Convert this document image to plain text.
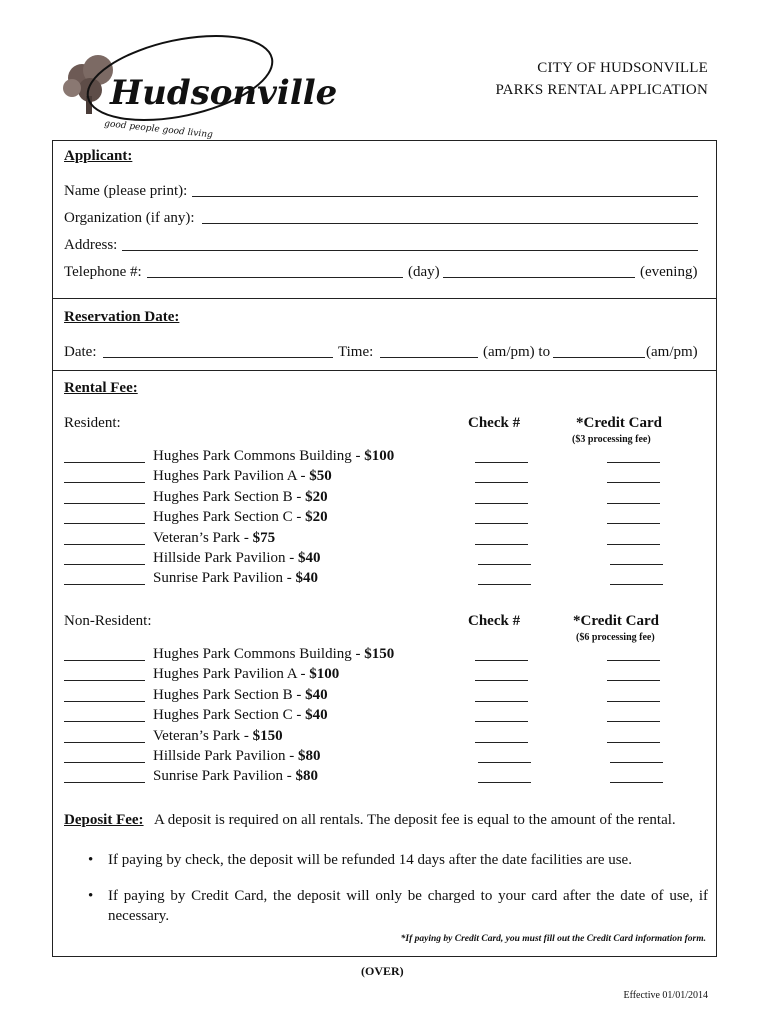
Hudsonville
good people good living
CITY OF HUDSONVILLE
PARKS RENTAL APPLICATION
Applicant:
Name (please print):
Organization (if any):
Address:
Telephone #:	(day)	(evening)
Reservation Date:
Date:	Time:	(am/pm) to	(am/pm)
Rental Fee:
Resident:	Check #	*Credit Card
($3 processing fee)
Hughes Park Commons Building - $100
Hughes Park Pavilion A - $50
Hughes Park Section B - $20
Hughes Park Section C - $20
Veteran’s Park - $75
Hillside Park Pavilion - $40
Sunrise Park Pavilion - $40
Non-Resident:	Check #	*Credit Card
($6 processing fee)
Hughes Park Commons Building - $150
Hughes Park Pavilion A - $100
Hughes Park Section B - $40
Hughes Park Section C - $40
Veteran’s Park - $150
Hillside Park Pavilion - $80
Sunrise Park Pavilion - $80
Deposit Fee: A deposit is required on all rentals. The deposit fee is equal to the amount of the rental.
• If paying by check, the deposit will be refunded 14 days after the date facilities are use.
• If paying by Credit Card, the deposit will only be charged to your card after the date of use, if necessary.
*If paying by Credit Card, you must fill out the Credit Card information form.
(OVER)
Effective 01/01/2014
